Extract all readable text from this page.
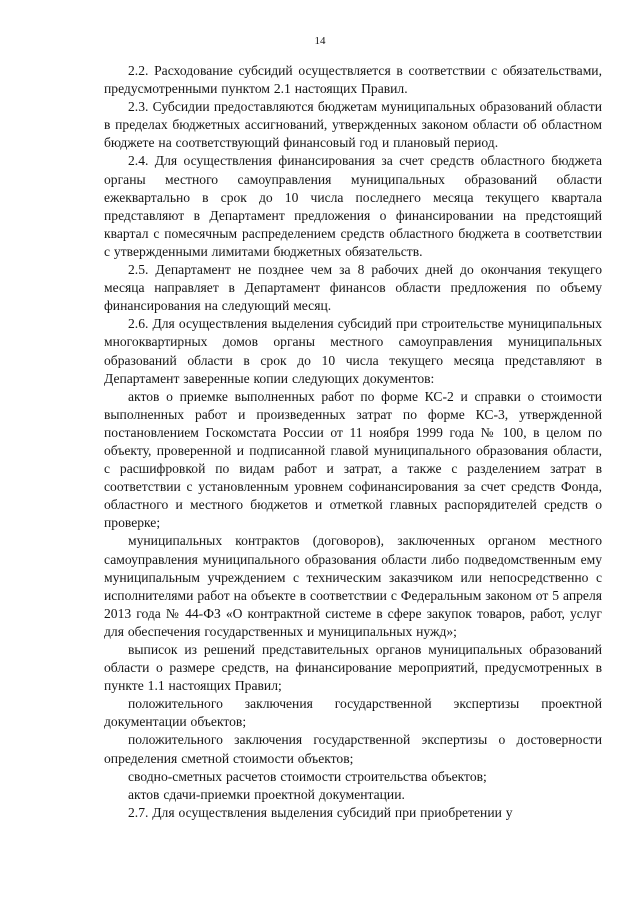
14

2.2. Расходование субсидий осуществляется в соответствии с обязательствами, предусмотренными пунктом 2.1 настоящих Правил.

2.3. Субсидии предоставляются бюджетам муниципальных образований области в пределах бюджетных ассигнований, утвержденных законом области об областном бюджете на соответствующий финансовый год и плановый период.

2.4. Для осуществления финансирования за счет средств областного бюджета органы местного самоуправления муниципальных образований области ежеквартально в срок до 10 числа последнего месяца текущего квартала представляют в Департамент предложения о финансировании на предстоящий квартал с помесячным распределением средств областного бюджета в соответствии с утвержденными лимитами бюджетных обязательств.

2.5. Департамент не позднее чем за 8 рабочих дней до окончания текущего месяца направляет в Департамент финансов области предложения по объему финансирования на следующий месяц.

2.6. Для осуществления выделения субсидий при строительстве муниципальных многоквартирных домов органы местного самоуправления муниципальных образований области в срок до 10 числа текущего месяца представляют в Департамент заверенные копии следующих документов:

актов о приемке выполненных работ по форме КС-2 и справки о стоимости выполненных работ и произведенных затрат по форме КС-3, утвержденной постановлением Госкомстата России от 11 ноября 1999 года № 100, в целом по объекту, проверенной и подписанной главой муниципального образования области, с расшифровкой по видам работ и затрат, а также с разделением затрат в соответствии с установленным уровнем софинансирования за счет средств Фонда, областного и местного бюджетов и отметкой главных распорядителей средств о проверке;

муниципальных контрактов (договоров), заключенных органом местного самоуправления муниципального образования области либо подведомственным ему муниципальным учреждением с техническим заказчиком или непосредственно с исполнителями работ на объекте в соответствии с Федеральным законом от 5 апреля 2013 года № 44-ФЗ «О контрактной системе в сфере закупок товаров, работ, услуг для обеспечения государственных и муниципальных нужд»;

выписок из решений представительных органов муниципальных образований области о размере средств, на финансирование мероприятий, предусмотренных в пункте 1.1 настоящих Правил;

положительного заключения государственной экспертизы проектной документации объектов;

положительного заключения государственной экспертизы о достоверности определения сметной стоимости объектов;

сводно-сметных расчетов стоимости строительства объектов;

актов сдачи-приемки проектной документации.

2.7. Для осуществления выделения субсидий при приобретении у
